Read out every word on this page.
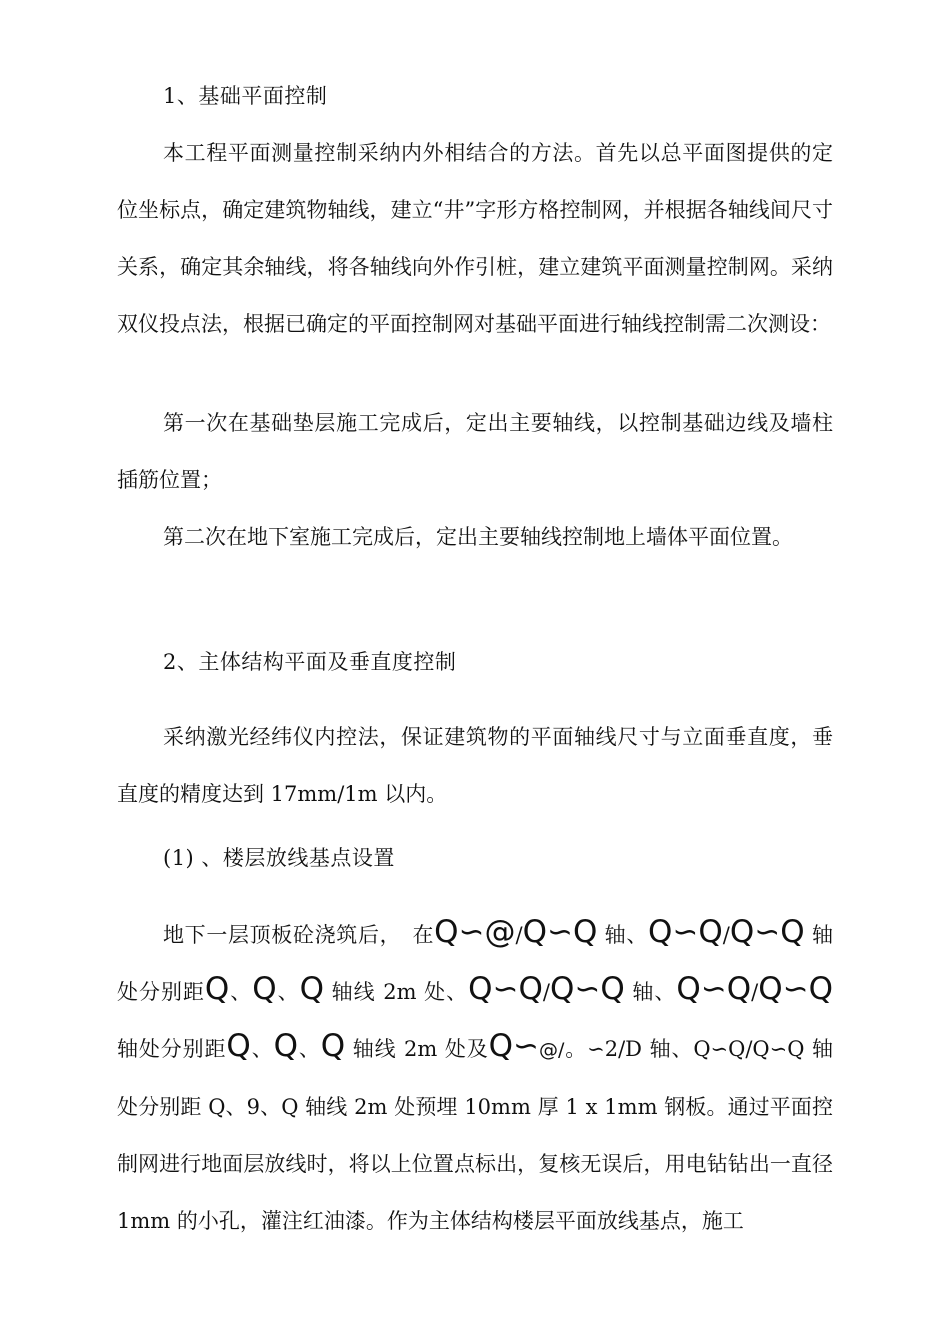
1、基础平面控制

本工程平面测量控制采纳内外相结合的方法。首先以总平面图提供的定位坐标点，确定建筑物轴线，建立“井”字形方格控制网，并根据各轴线间尺寸关系，确定其余轴线，将各轴线向外作引桩，建立建筑平面测量控制网。采纳双仪投点法，根据已确定的平面控制网对基础平面进行轴线控制需二次测设：

第一次在基础垫层施工完成后，定出主要轴线，以控制基础边线及墙柱插筋位置；

第二次在地下室施工完成后，定出主要轴线控制地上墙体平面位置。

2、主体结构平面及垂直度控制

采纳激光经纬仪内控法，保证建筑物的平面轴线尺寸与立面垂直度，垂直度的精度达到 17mm/1m 以内。

(1) 、楼层放线基点设置

地下一层顶板砼浇筑后，　在Q∽@/Q∽Q 轴、Q∽Q/Q∽Q 轴处分别距Q、Q、Q 轴线 2m 处、Q∽Q/Q∽Q 轴、Q∽Q/Q∽Q 轴处分别距Q、Q、Q 轴线 2m 处及Q∽@/。∽2/D 轴、Q∽Q/Q∽Q 轴处分别距 Q、9、Q 轴线 2m 处预埋 10mm 厚 1 x 1mm 钢板。通过平面控制网进行地面层放线时，将以上位置点标出，复核无误后，用电钻钻出一直径 1mm 的小孔，灌注红油漆。作为主体结构楼层平面放线基点，施工
